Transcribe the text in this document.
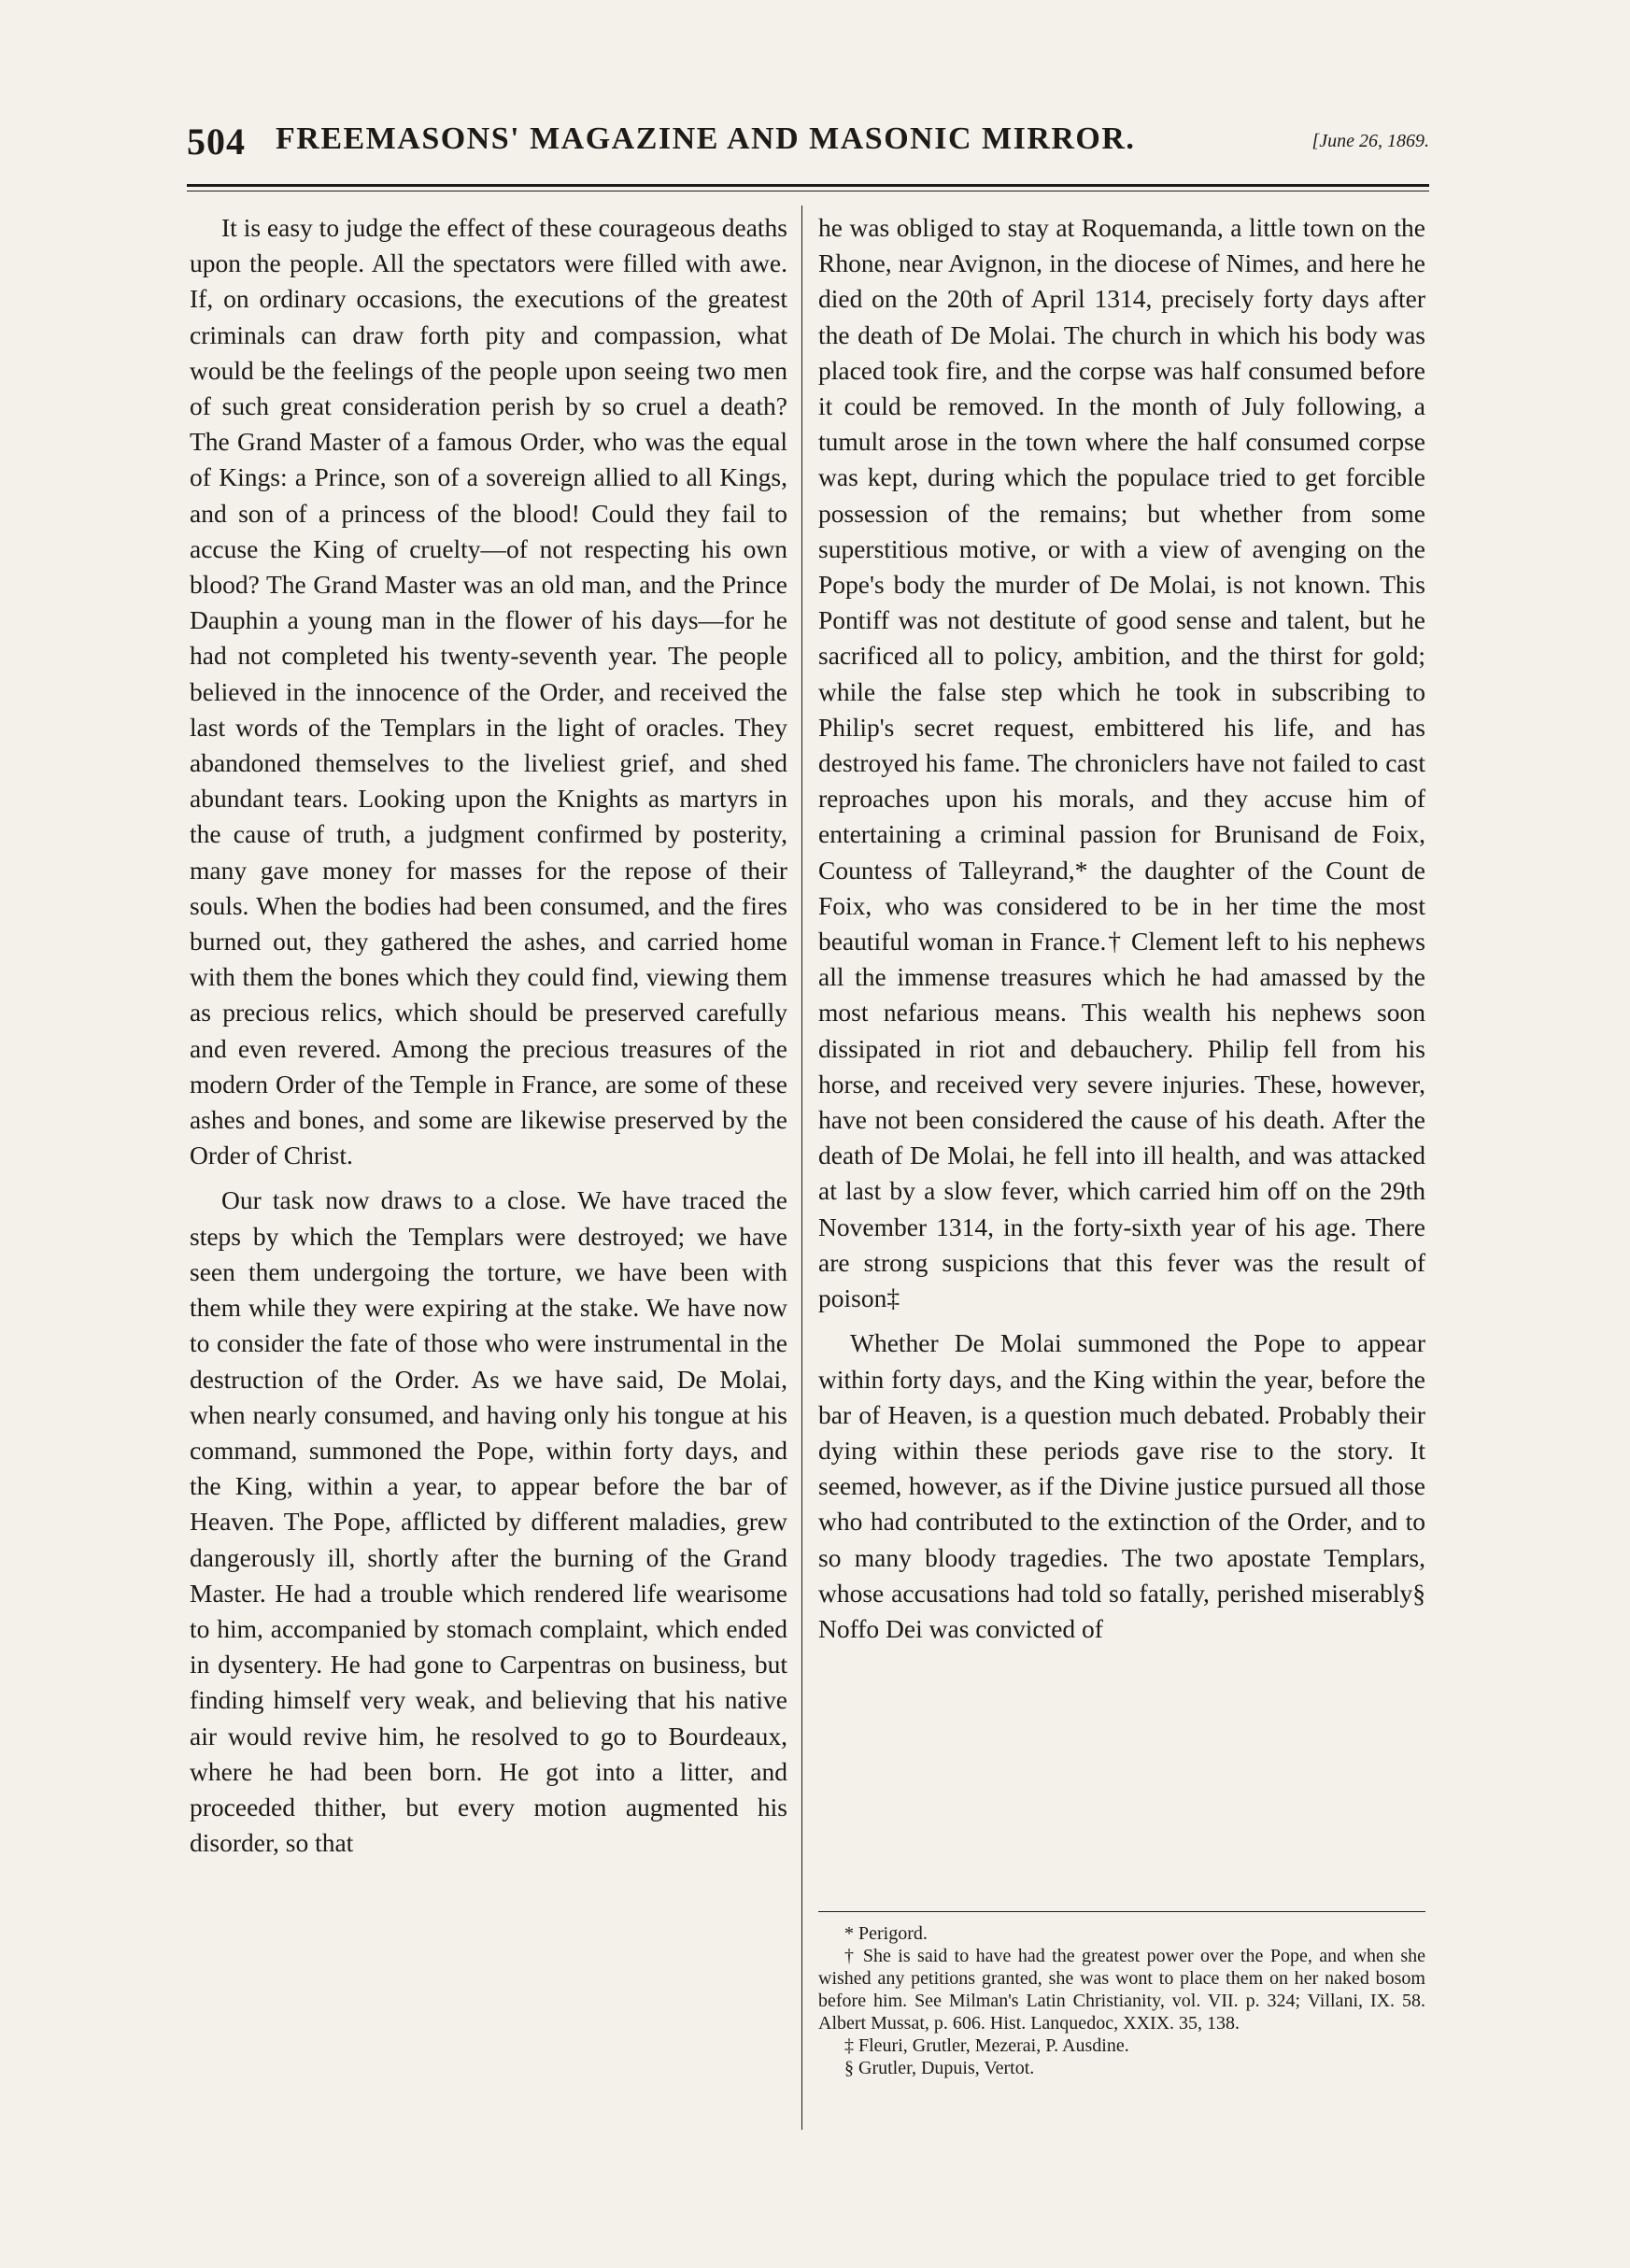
504 FREEMASONS' MAGAZINE AND MASONIC MIRROR.	[June 26, 1869.

It is easy to judge the effect of these courageous deaths upon the people. All the spectators were filled with awe. If, on ordinary occasions, the executions of the greatest criminals can draw forth pity and compassion, what would be the feelings of the people upon seeing two men of such great consideration perish by so cruel a death? The Grand Master of a famous Order, who was the equal of Kings: a Prince, son of a sovereign allied to all Kings, and son of a princess of the blood! Could they fail to accuse the King of cruelty—of not respecting his own blood? The Grand Master was an old man, and the Prince Dauphin a young man in the flower of his days—for he had not completed his twenty-seventh year. The people believed in the innocence of the Order, and received the last words of the Templars in the light of oracles. They abandoned themselves to the liveliest grief, and shed abundant tears. Looking upon the Knights as martyrs in the cause of truth, a judgment confirmed by posterity, many gave money for masses for the repose of their souls. When the bodies had been consumed, and the fires burned out, they gathered the ashes, and carried home with them the bones which they could find, viewing them as precious relics, which should be preserved carefully and even revered. Among the precious treasures of the modern Order of the Temple in France, are some of these ashes and bones, and some are likewise preserved by the Order of Christ.

Our task now draws to a close. We have traced the steps by which the Templars were destroyed; we have seen them undergoing the torture, we have been with them while they were expiring at the stake. We have now to consider the fate of those who were instrumental in the destruction of the Order. As we have said, De Molai, when nearly consumed, and having only his tongue at his command, summoned the Pope, within forty days, and the King, within a year, to appear before the bar of Heaven. The Pope, afflicted by different maladies, grew dangerously ill, shortly after the burning of the Grand Master. He had a trouble which rendered life wearisome to him, accompanied by stomach complaint, which ended in dysentery. He had gone to Carpentras on business, but finding himself very weak, and believing that his native air would revive him, he resolved to go to Bourdeaux, where he had been born. He got into a litter, and proceeded thither, but every motion augmented his disorder, so that

he was obliged to stay at Roquemanda, a little town on the Rhone, near Avignon, in the diocese of Nimes, and here he died on the 20th of April 1314, precisely forty days after the death of De Molai. The church in which his body was placed took fire, and the corpse was half consumed before it could be removed. In the month of July following, a tumult arose in the town where the half consumed corpse was kept, during which the populace tried to get forcible possession of the remains; but whether from some superstitious motive, or with a view of avenging on the Pope's body the murder of De Molai, is not known. This Pontiff was not destitute of good sense and talent, but he sacrificed all to policy, ambition, and the thirst for gold; while the false step which he took in subscribing to Philip's secret request, embittered his life, and has destroyed his fame. The chroniclers have not failed to cast reproaches upon his morals, and they accuse him of entertaining a criminal passion for Brunisand de Foix, Countess of Talleyrand,* the daughter of the Count de Foix, who was considered to be in her time the most beautiful woman in France.† Clement left to his nephews all the immense treasures which he had amassed by the most nefarious means. This wealth his nephews soon dissipated in riot and debauchery. Philip fell from his horse, and received very severe injuries. These, however, have not been considered the cause of his death. After the death of De Molai, he fell into ill health, and was attacked at last by a slow fever, which carried him off on the 29th November 1314, in the forty-sixth year of his age. There are strong suspicions that this fever was the result of poison‡

Whether De Molai summoned the Pope to appear within forty days, and the King within the year, before the bar of Heaven, is a question much debated. Probably their dying within these periods gave rise to the story. It seemed, however, as if the Divine justice pursued all those who had contributed to the extinction of the Order, and to so many bloody tragedies. The two apostate Templars, whose accusations had told so fatally, perished miserably§ Noffo Dei was convicted of

* Perigord.

† She is said to have had the greatest power over the Pope, and when she wished any petitions granted, she was wont to place them on her naked bosom before him. See Milman's Latin Christianity, vol. VII. p. 324; Villani, IX. 58. Albert Mussat, p. 606. Hist. Lanquedoc, XXIX. 35, 138.

‡ Fleuri, Grutler, Mezerai, P. Ausdine.

§ Grutler, Dupuis, Vertot.
